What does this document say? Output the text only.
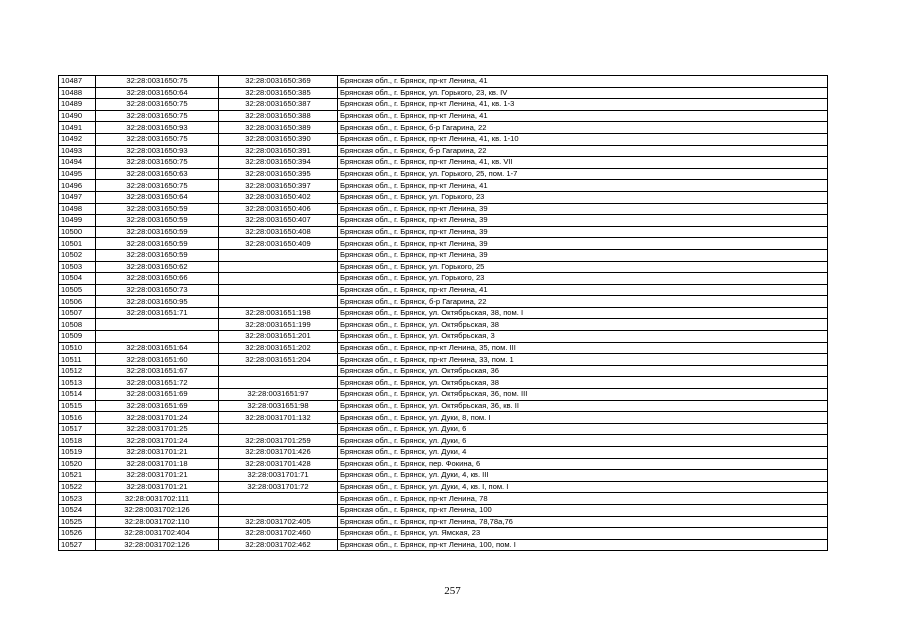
10487	32:28:0031650:75	32:28:0031650:369	Брянская обл., г. Брянск, пр-кт Ленина, 41
10488	32:28:0031650:64	32:28:0031650:385	Брянская обл., г. Брянск, ул. Горького, 23, кв. IV
10489	32:28:0031650:75	32:28:0031650:387	Брянская обл., г. Брянск, пр-кт Ленина, 41, кв. 1-3
10490	32:28:0031650:75	32:28:0031650:388	Брянская обл., г. Брянск, пр-кт Ленина, 41
10491	32:28:0031650:93	32:28:0031650:389	Брянская обл., г. Брянск, б-р Гагарина, 22
10492	32:28:0031650:75	32:28:0031650:390	Брянская обл., г. Брянск, пр-кт Ленина, 41, кв. 1-10
10493	32:28:0031650:93	32:28:0031650:391	Брянская обл., г. Брянск, б-р Гагарина, 22
10494	32:28:0031650:75	32:28:0031650:394	Брянская обл., г. Брянск, пр-кт Ленина, 41, кв. VII
10495	32:28:0031650:63	32:28:0031650:395	Брянская обл., г. Брянск, ул. Горького, 25, пом. 1-7
10496	32:28:0031650:75	32:28:0031650:397	Брянская обл., г. Брянск, пр-кт Ленина, 41
10497	32:28:0031650:64	32:28:0031650:402	Брянская обл., г. Брянск, ул. Горького, 23
10498	32:28:0031650:59	32:28:0031650:406	Брянская обл., г. Брянск, пр-кт Ленина, 39
10499	32:28:0031650:59	32:28:0031650:407	Брянская обл., г. Брянск, пр-кт Ленина, 39
10500	32:28:0031650:59	32:28:0031650:408	Брянская обл., г. Брянск, пр-кт Ленина, 39
10501	32:28:0031650:59	32:28:0031650:409	Брянская обл., г. Брянск, пр-кт Ленина, 39
10502	32:28:0031650:59		Брянская обл., г. Брянск, пр-кт Ленина, 39
10503	32:28:0031650:62		Брянская обл., г. Брянск, ул. Горького, 25
10504	32:28:0031650:66		Брянская обл., г. Брянск, ул. Горького, 23
10505	32:28:0031650:73		Брянская обл., г. Брянск, пр-кт Ленина, 41
10506	32:28:0031650:95		Брянская обл., г. Брянск, б-р Гагарина, 22
10507	32:28:0031651:71	32:28:0031651:198	Брянская обл., г. Брянск, ул. Октябрьская, 38, пом. I
10508		32:28:0031651:199	Брянская обл., г. Брянск, ул. Октябрьская, 38
10509		32:28:0031651:201	Брянская обл., г. Брянск, ул. Октябрьская, 3
10510	32:28:0031651:64	32:28:0031651:202	Брянская обл., г. Брянск, пр-кт Ленина, 35, пом. III
10511	32:28:0031651:60	32:28:0031651:204	Брянская обл., г. Брянск, пр-кт Ленина, 33, пом. 1
10512	32:28:0031651:67		Брянская обл., г. Брянск, ул. Октябрьская, 36
10513	32:28:0031651:72		Брянская обл., г. Брянск, ул. Октябрьская, 38
10514	32:28:0031651:69	32:28:0031651:97	Брянская обл., г. Брянск, ул. Октябрьская, 36, пом. III
10515	32:28:0031651:69	32:28:0031651:98	Брянская обл., г. Брянск, ул. Октябрьская, 36, кв. II
10516	32:28:0031701:24	32:28:0031701:132	Брянская обл., г. Брянск, ул. Дуки, 8, пом. I
10517	32:28:0031701:25		Брянская обл., г. Брянск, ул. Дуки, 6
10518	32:28:0031701:24	32:28:0031701:259	Брянская обл., г. Брянск, ул. Дуки, 6
10519	32:28:0031701:21	32:28:0031701:426	Брянская обл., г. Брянск, ул. Дуки, 4
10520	32:28:0031701:18	32:28:0031701:428	Брянская обл., г. Брянск, пер. Фокина, 6
10521	32:28:0031701:21	32:28:0031701:71	Брянская обл., г. Брянск, ул. Дуки, 4, кв. III
10522	32:28:0031701:21	32:28:0031701:72	Брянская обл., г. Брянск, ул. Дуки, 4, кв. I, пом. I
10523	32:28:0031702:111		Брянская обл., г. Брянск, пр-кт Ленина, 78
10524	32:28:0031702:126		Брянская обл., г. Брянск, пр-кт Ленина, 100
10525	32:28:0031702:110	32:28:0031702:405	Брянская обл., г. Брянск, пр-кт Ленина, 78,78а,76
10526	32:28:0031702:404	32:28:0031702:460	Брянская обл., г. Брянск, ул. Ямская, 23
10527	32:28:0031702:126	32:28:0031702:462	Брянская обл., г. Брянск, пр-кт Ленина, 100, пом. I
257
